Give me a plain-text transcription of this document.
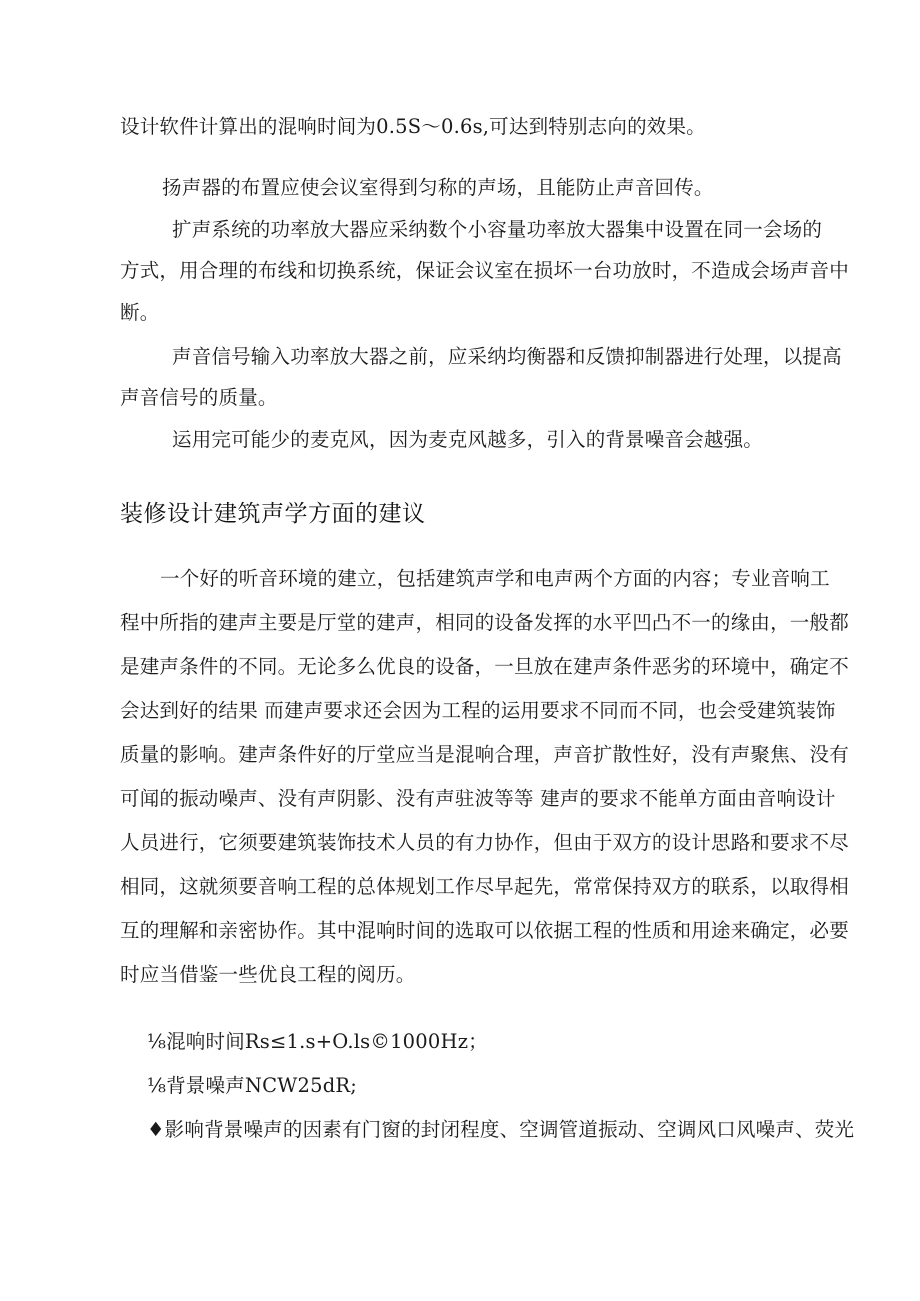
设计软件计算出的混响时间为0.5S～0.6s,可达到特别志向的效果。
扬声器的布置应使会议室得到匀称的声场，且能防止声音回传。
扩声系统的功率放大器应采纳数个小容量功率放大器集中设置在同一会场的
方式，用合理的布线和切换系统，保证会议室在损坏一台功放时，不造成会场声音中
断。
声音信号输入功率放大器之前，应采纳均衡器和反馈抑制器进行处理，以提高
声音信号的质量。
运用完可能少的麦克风，因为麦克风越多，引入的背景噪音会越强。
装修设计建筑声学方面的建议
一个好的听音环境的建立，包括建筑声学和电声两个方面的内容；专业音响工
程中所指的建声主要是厅堂的建声，相同的设备发挥的水平凹凸不一的缘由，一般都
是建声条件的不同。无论多么优良的设备，一旦放在建声条件恶劣的环境中，确定不
会达到好的结果 而建声要求还会因为工程的运用要求不同而不同，也会受建筑装饰
质量的影响。建声条件好的厅堂应当是混响合理，声音扩散性好，没有声聚焦、没有
可闻的振动噪声、没有声阴影、没有声驻波等等 建声的要求不能单方面由音响设计
人员进行，它须要建筑装饰技术人员的有力协作，但由于双方的设计思路和要求不尽
相同，这就须要音响工程的总体规划工作尽早起先，常常保持双方的联系，以取得相
互的理解和亲密协作。其中混响时间的选取可以依据工程的性质和用途来确定，必要
时应当借鉴一些优良工程的阅历。
⅛混响时间Rs≤1.s+O.ls©1000Hz；
⅛背景噪声NCW25dR;
♦影响背景噪声的因素有门窗的封闭程度、空调管道振动、空调风口风噪声、荧光
